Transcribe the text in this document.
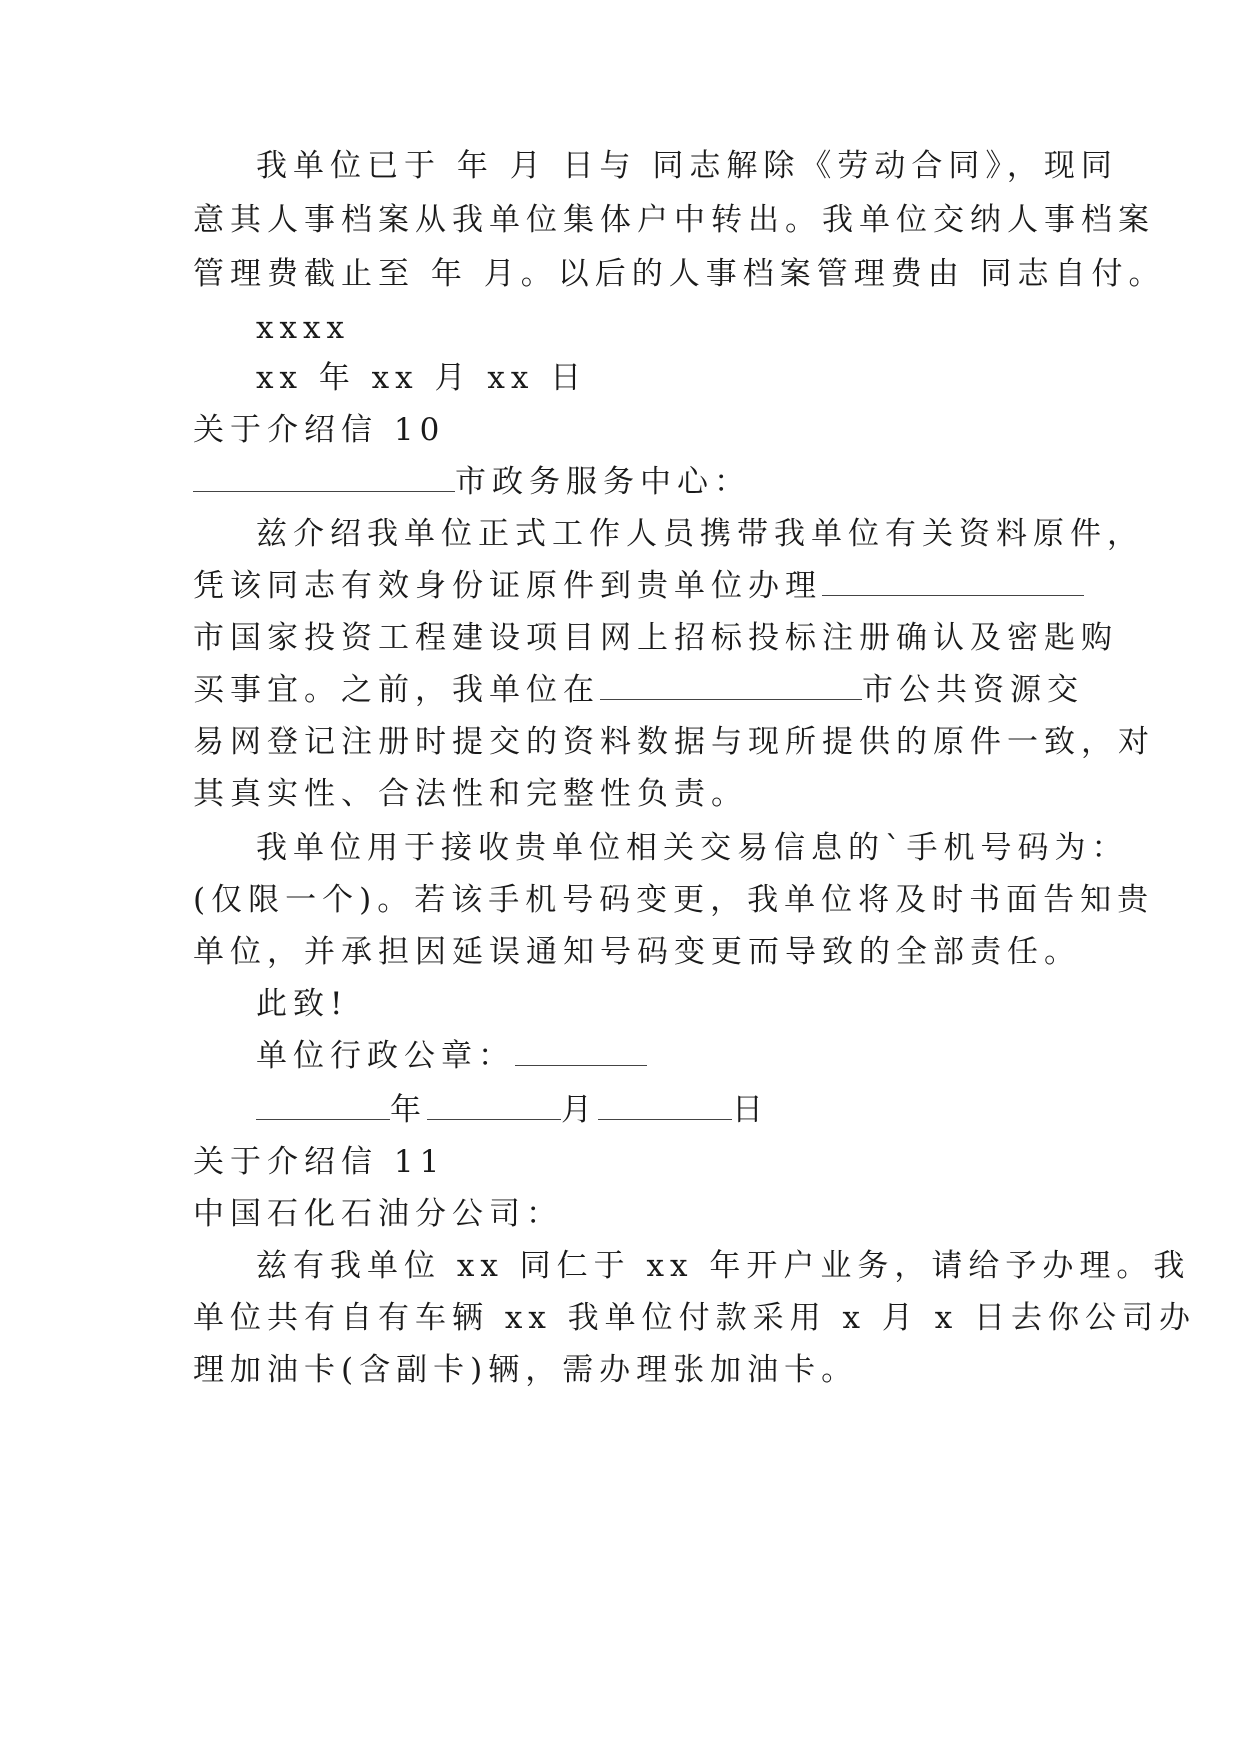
我单位已于 年 月 日与 同志解除《劳动合同》，现同
意其人事档案从我单位集体户中转出。我单位交纳人事档案
管理费截止至 年 月。以后的人事档案管理费由 同志自付。
xxxx
xx 年 xx 月 xx 日
关于介绍信 10
市政务服务中心：
兹介绍我单位正式工作人员携带我单位有关资料原件，
凭该同志有效身份证原件到贵单位办理
市国家投资工程建设项目网上招标投标注册确认及密匙购
买事宜。之前，我单位在	市公共资源交
易网登记注册时提交的资料数据与现所提供的原件一致，对
其真实性、合法性和完整性负责。
我单位用于接收贵单位相关交易信息的`手机号码为：
(仅限一个)。若该手机号码变更，我单位将及时书面告知贵
单位，并承担因延误通知号码变更而导致的全部责任。
此致!
单位行政公章：
年	月	日
关于介绍信 11
中国石化石油分公司：
兹有我单位 xx 同仁于 xx 年开户业务，请给予办理。我
单位共有自有车辆 xx 我单位付款采用 x 月 x 日去你公司办
理加油卡(含副卡)辆，需办理张加油卡。
